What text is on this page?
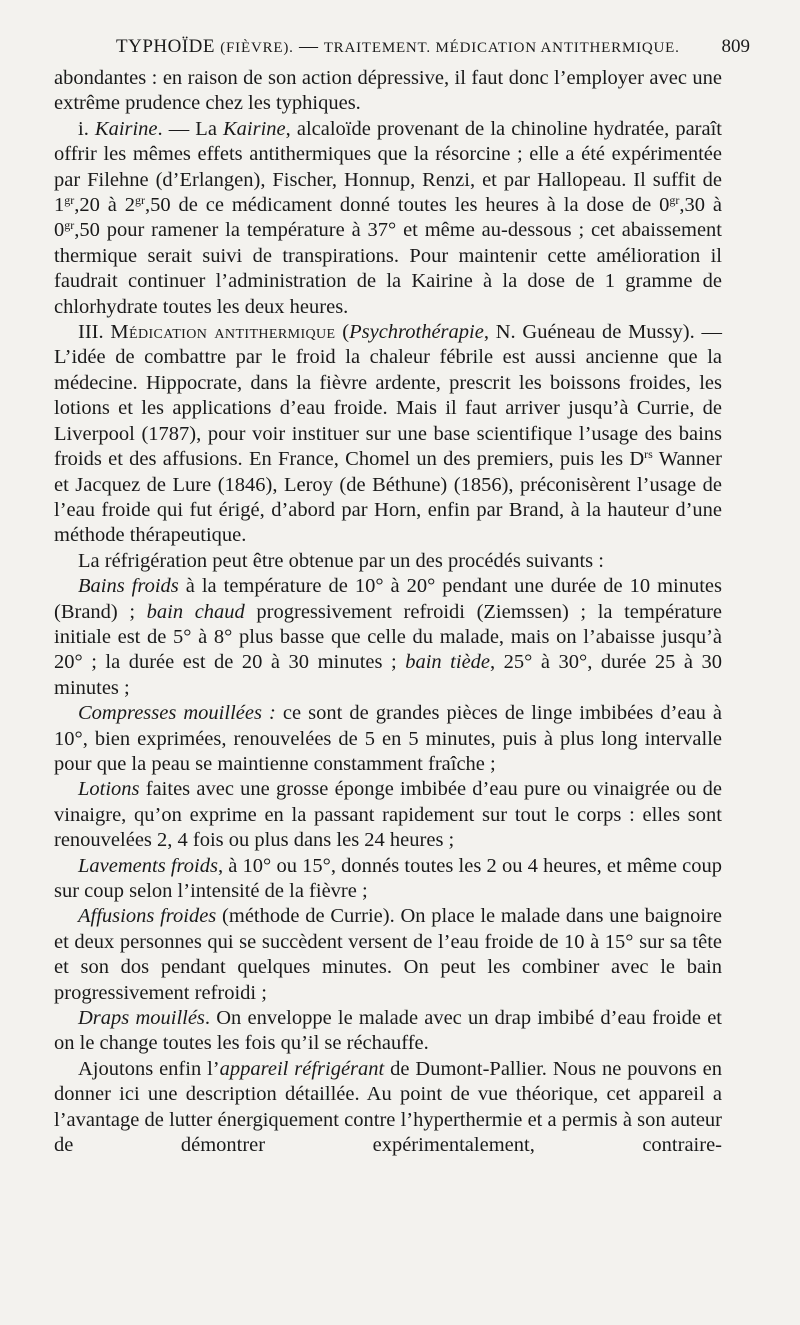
TYPHOÏDE (FIÈVRE). — TRAITEMENT. MÉDICATION ANTITHERMIQUE. 809

abondantes : en raison de son action dépressive, il faut donc l’employer avec une extrême prudence chez les typhiques.

i. Kairine. — La Kairine, alcaloïde provenant de la chinoline hydratée, paraît offrir les mêmes effets antithermiques que la résorcine ; elle a été expérimentée par Filehne (d’Erlangen), Fischer, Honnup, Renzi, et par Hallopeau. Il suffit de $1^{gr},20$ à $2^{gr},50$ de ce médicament donné toutes les heures à la dose de $0^{gr},30$ à $0^{gr},50$ pour ramener la température à 37° et même au-dessous ; cet abaissement thermique serait suivi de transpirations. Pour maintenir cette amélioration il faudrait continuer l’administration de la Kairine à la dose de 1 gramme de chlorhydrate toutes les deux heures.

III. Médication antithermique (Psychrothérapie, N. Guéneau de Mussy). — L’idée de combattre par le froid la chaleur fébrile est aussi ancienne que la médecine. Hippocrate, dans la fièvre ardente, prescrit les boissons froides, les lotions et les applications d’eau froide. Mais il faut arriver jusqu’à Currie, de Liverpool (1787), pour voir instituer sur une base scientifique l’usage des bains froids et des affusions. En France, Chomel un des premiers, puis les $D^{rs}$ Wanner et Jacquez de Lure (1846), Leroy (de Béthune) (1856), préconisèrent l’usage de l’eau froide qui fut érigé, d’abord par Horn, enfin par Brand, à la hauteur d’une méthode thérapeutique.

La réfrigération peut être obtenue par un des procédés suivants :

Bains froids à la température de 10° à 20° pendant une durée de 10 minutes (Brand) ; bain chaud progressivement refroidi (Ziemssen) ; la température initiale est de 5° à 8° plus basse que celle du malade, mais on l’abaisse jusqu’à 20° ; la durée est de 20 à 30 minutes ; bain tiède, 25° à 30°, durée 25 à 30 minutes ;

Compresses mouillées : ce sont de grandes pièces de linge imbibées d’eau à 10°, bien exprimées, renouvelées de 5 en 5 minutes, puis à plus long intervalle pour que la peau se maintienne constamment fraîche ;

Lotions faites avec une grosse éponge imbibée d’eau pure ou vinaigrée ou de vinaigre, qu’on exprime en la passant rapidement sur tout le corps : elles sont renouvelées 2, 4 fois ou plus dans les 24 heures ;

Lavements froids, à 10° ou 15°, donnés toutes les 2 ou 4 heures, et même coup sur coup selon l’intensité de la fièvre ;

Affusions froides (méthode de Currie). On place le malade dans une baignoire et deux personnes qui se succèdent versent de l’eau froide de 10 à 15° sur sa tête et son dos pendant quelques minutes. On peut les combiner avec le bain progressivement refroidi ;

Draps mouillés. On enveloppe le malade avec un drap imbibé d’eau froide et on le change toutes les fois qu’il se réchauffe.

Ajoutons enfin l’appareil réfrigérant de Dumont-Pallier. Nous ne pouvons en donner ici une description détaillée. Au point de vue théorique, cet appareil a l’avantage de lutter énergiquement contre l’hyperthermie et a permis à son auteur de démontrer expérimentalement, contraire-
